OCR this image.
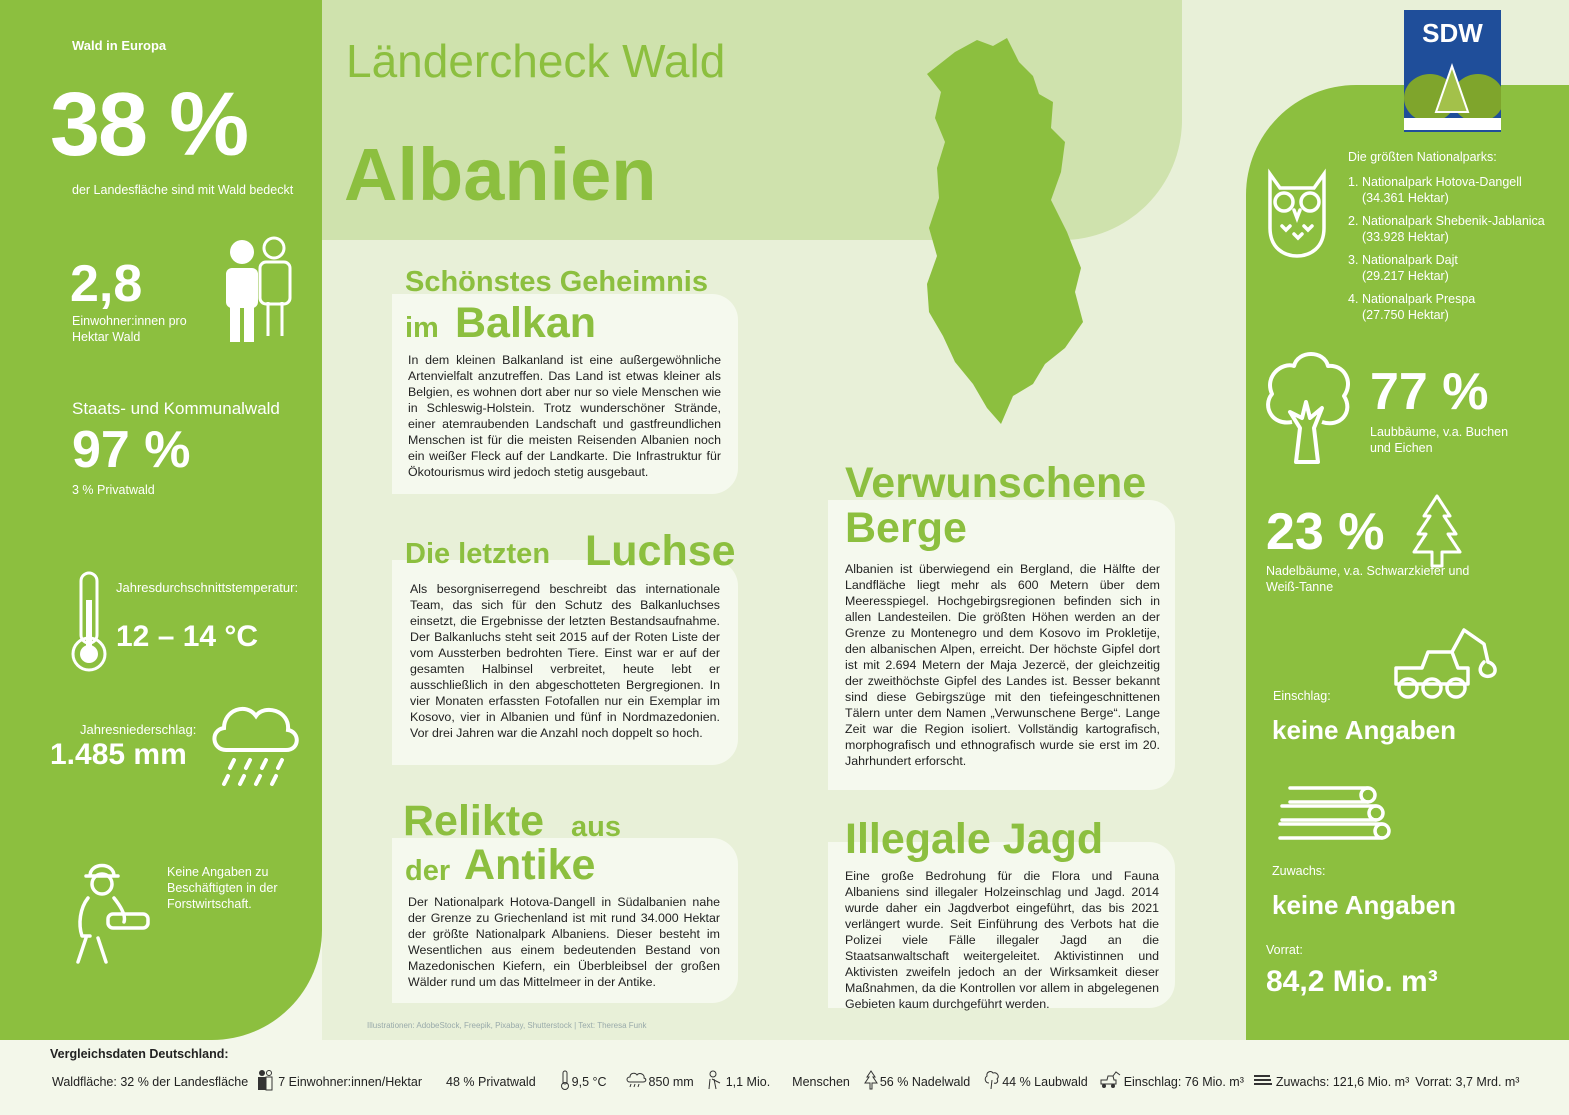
Ländercheck Wald
Albanien
SDW
Wald in Europa
38 %
der Landesfläche sind mit Wald bedeckt
2,8
Einwohner:innen pro Hektar Wald
Staats- und Kommunalwald
97 %
3 % Privatwald
Jahresdurchschnittstemperatur:
12 – 14 °C
Jahresniederschlag:
1.485 mm
Keine Angaben zu Beschäftigten in der Forstwirtschaft.
Schönstes Geheimnis
im Balkan
In dem kleinen Balkanland ist eine außergewöhnliche Artenvielfalt anzutreffen. Das Land ist etwas kleiner als Belgien, es wohnen dort aber nur so viele Menschen wie in Schleswig-Holstein. Trotz wunderschöner Strände, einer atemraubenden Landschaft und gastfreundlichen Menschen ist für die meisten Reisenden Albanien noch ein weißer Fleck auf der Landkarte. Die Infrastruktur für Ökotourismus wird jedoch stetig ausgebaut.
Die letzten Luchse
Als besorgniserregend beschreibt das internationale Team, das sich für den Schutz des Balkanluchses einsetzt, die Ergebnisse der letzten Bestandsaufnahme. Der Balkanluchs steht seit 2015 auf der Roten Liste der vom Aussterben bedrohten Tiere. Einst war er auf der gesamten Halbinsel verbreitet, heute lebt er ausschließlich in den abgeschotteten Bergregionen. In vier Monaten erfassten Fotofallen nur ein Exemplar im Kosovo, vier in Albanien und fünf in Nordmazedonien. Vor drei Jahren war die Anzahl noch doppelt so hoch.
Relikte aus
der Antike
Der Nationalpark Hotova-Dangell in Südalbanien nahe der Grenze zu Griechenland ist mit rund 34.000 Hektar der größte Nationalpark Albaniens. Dieser besteht im Wesentlichen aus einem bedeutenden Bestand von Mazedonischen Kiefern, ein Überbleibsel der großen Wälder rund um das Mittelmeer in der Antike.
Verwunschene
Berge
Albanien ist überwiegend ein Bergland, die Hälfte der Landfläche liegt mehr als 600 Metern über dem Meeresspiegel. Hochgebirgsregionen befinden sich in allen Landesteilen. Die größten Höhen werden an der Grenze zu Montenegro und dem Kosovo im Prokletije, den albanischen Alpen, erreicht. Der höchste Gipfel dort ist mit 2.694 Metern der Maja Jezercë, der gleichzeitig der zweithöchste Gipfel des Landes ist. Besser bekannt sind diese Gebirgszüge mit den tiefeingeschnittenen Tälern unter dem Namen „Verwunschene Berge“. Lange Zeit war die Region isoliert. Vollständig kartografisch, morphografisch und ethnografisch wurde sie erst im 20. Jahrhundert erforscht.
Illegale Jagd
Eine große Bedrohung für die Flora und Fauna Albaniens sind illegaler Holzeinschlag und Jagd. 2014 wurde daher ein Jagdverbot eingeführt, das bis 2021 verlängert wurde. Seit Einführung des Verbots hat die Polizei viele Fälle illegaler Jagd an die Staatsanwaltschaft weitergeleitet. Aktivistinnen und Aktivisten zweifeln jedoch an der Wirksamkeit dieser Maßnahmen, da die Kontrollen vor allem in abgelegenen Gebieten kaum durchgeführt werden.
Illustrationen: AdobeStock, Freepik, Pixabay, Shutterstock | Text: Theresa Funk
Die größten Nationalparks:
1. Nationalpark Hotova-Dangell
(34.361 Hektar)
2. Nationalpark Shebenik-Jablanica
(33.928 Hektar)
3. Nationalpark Dajt
(29.217 Hektar)
4. Nationalpark Prespa
(27.750 Hektar)
77 %
Laubbäume, v.a. Buchen und Eichen
23 %
Nadelbäume, v.a. Schwarzkiefer und Weiß-Tanne
Einschlag:
keine Angaben
Zuwachs:
keine Angaben
Vorrat:
84,2 Mio. m³
Vergleichsdaten Deutschland:
Waldfläche: 32 % der Landesfläche 7 Einwohner:innen/Hektar 48 % Privatwald	9,5 °C	850 mm	1,1 Mio. Menschen 56 % Nadelwald	44 % Laubwald	Einschlag: 76 Mio. m³	Zuwachs: 121,6 Mio. m³ Vorrat: 3,7 Mrd. m³
